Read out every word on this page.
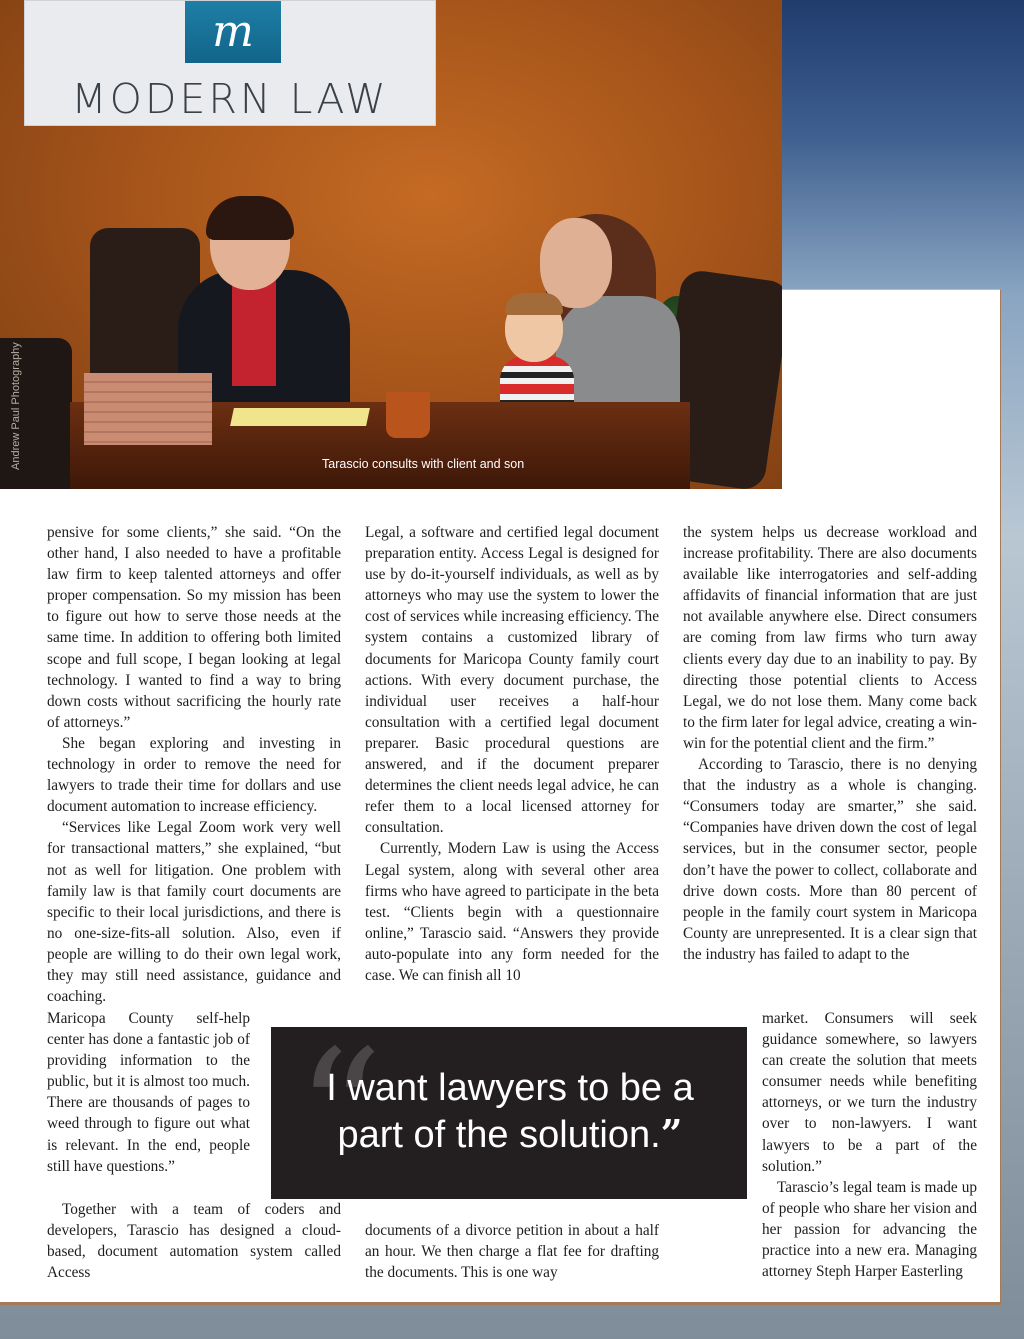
m
MODERN LAW
Andrew Paul Photography	Tarascio consults with client and son

pensive for some clients,” she said. “On the other hand, I also needed to have a profitable law firm to keep talented attorneys and offer proper compensation. So my mission has been to figure out how to serve those needs at the same time. In addition to offering both limited scope and full scope, I began looking at legal technology. I wanted to find a way to bring down costs without sacrificing the hourly rate of attorneys.”

She began exploring and investing in technology in order to remove the need for lawyers to trade their time for dollars and use document automation to increase efficiency.

“Services like Legal Zoom work very well for transactional matters,” she explained, “but not as well for litigation. One problem with family law is that family court documents are specific to their local jurisdictions, and there is no one-size-fits-all solution. Also, even if people are willing to do their own legal work, they may still need assistance, guidance and coaching.

Maricopa County self-help center has done a fantastic job of providing information to the public, but it is almost too much. There are thousands of pages to weed through to figure out what is relevant. In the end, people still have questions.”

Together with a team of coders and developers, Tarascio has designed a cloud-based, document automation system called Access

Legal, a software and certified legal document preparation entity. Access Legal is designed for use by do-it-yourself individuals, as well as by attorneys who may use the system to lower the cost of services while increasing efficiency. The system contains a customized library of documents for Maricopa County family court actions. With every document purchase, the individual user receives a half-hour consultation with a certified legal document preparer. Basic procedural questions are answered, and if the document preparer determines the client needs legal advice, he can refer them to a local licensed attorney for consultation.

Currently, Modern Law is using the Access Legal system, along with several other area firms who have agreed to participate in the beta test. “Clients begin with a questionnaire online,” Tarascio said. “Answers they provide auto-populate into any form needed for the case. We can finish all 10

documents of a divorce petition in about a half an hour. We then charge a flat fee for drafting the documents. This is one way

the system helps us decrease workload and increase profitability. There are also documents available like interrogatories and self-adding affidavits of financial information that are just not available anywhere else. Direct consumers are coming from law firms who turn away clients every day due to an inability to pay. By directing those potential clients to Access Legal, we do not lose them. Many come back to the firm later for legal advice, creating a win-win for the potential client and the firm.”

According to Tarascio, there is no denying that the industry as a whole is changing. “Consumers today are smarter,” she said. “Companies have driven down the cost of legal services, but in the consumer sector, people don’t have the power to collect, collaborate and drive down costs. More than 80 percent of people in the family court system in Maricopa County are unrepresented. It is a clear sign that the industry has failed to adapt to the

market. Consumers will seek guidance somewhere, so lawyers can create the solution that meets consumer needs while benefiting attorneys, or we turn the industry over to non-lawyers. I want lawyers to be a part of the solution.”

Tarascio’s legal team is made up of people who share her vision and her passion for advancing the practice into a new era. Managing attorney Steph Harper Easterling

“
I want lawyers to be a part of the solution.”
